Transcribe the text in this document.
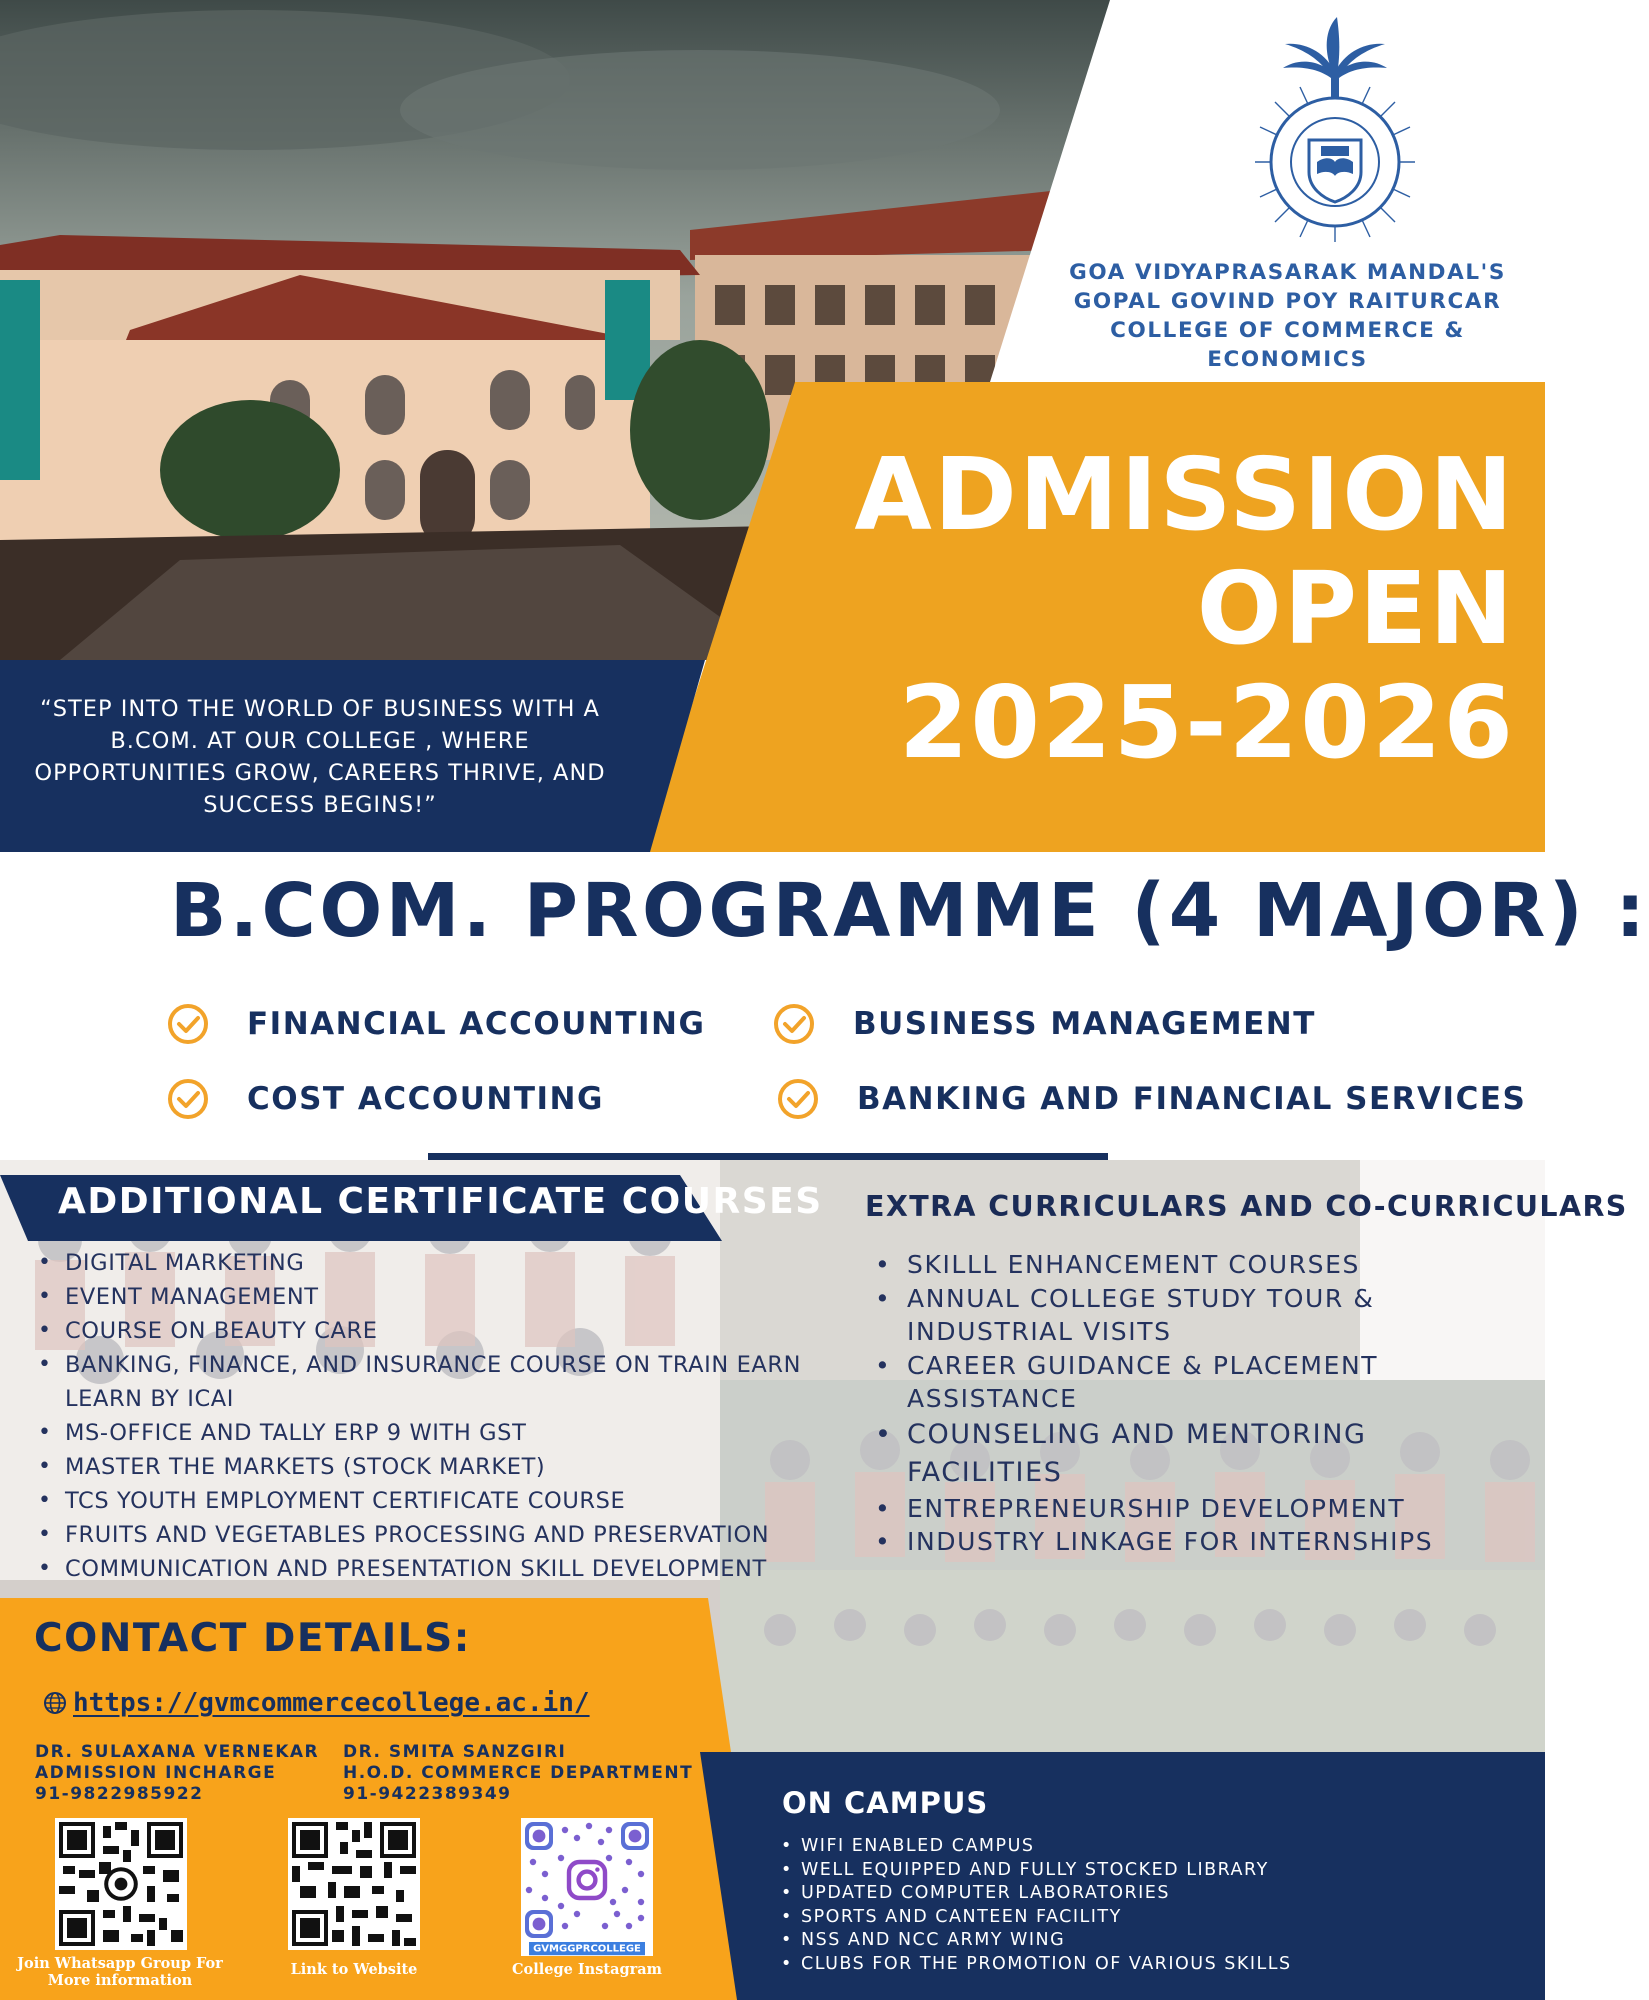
GOA VIDYAPRASARAK MANDAL'S
GOPAL GOVIND POY RAITURCAR
COLLEGE OF COMMERCE &
ECONOMICS
ADMISSION
OPEN
2025-2026
“STEP INTO THE WORLD OF BUSINESS WITH A
B.COM. AT OUR COLLEGE , WHERE
OPPORTUNITIES GROW, CAREERS THRIVE, AND
SUCCESS BEGINS!”
B.COM. PROGRAMME (4 MAJOR) :
FINANCIAL ACCOUNTING	BUSINESS MANAGEMENT
COST ACCOUNTING	BANKING AND FINANCIAL SERVICES
ADDITIONAL CERTIFICATE COURSES
• DIGITAL MARKETING
• EVENT MANAGEMENT
• COURSE ON BEAUTY CARE
• BANKING, FINANCE, AND INSURANCE COURSE ON TRAIN EARN
LEARN BY ICAI
• MS-OFFICE AND TALLY ERP 9 WITH GST
• MASTER THE MARKETS (STOCK MARKET)
• TCS YOUTH EMPLOYMENT CERTIFICATE COURSE
• FRUITS AND VEGETABLES PROCESSING AND PRESERVATION
• COMMUNICATION AND PRESENTATION SKILL DEVELOPMENT
EXTRA CURRICULARS AND CO-CURRICULARS
• SKILLL ENHANCEMENT COURSES
• ANNUAL COLLEGE STUDY TOUR &
INDUSTRIAL VISITS
• CAREER GUIDANCE & PLACEMENT
ASSISTANCE
• COUNSELING AND MENTORING
FACILITIES
• ENTREPRENEURSHIP DEVELOPMENT
• INDUSTRY LINKAGE FOR INTERNSHIPS
CONTACT DETAILS:
https://gvmcommercecollege.ac.in/
DR. SULAXANA VERNEKAR
ADMISSION INCHARGE
91-9822985922
DR. SMITA SANZGIRI
H.O.D. COMMERCE DEPARTMENT
91-9422389349
GVMGGPRCOLLEGE
Join Whatsapp Group For
More information
Link to Website	College Instagram
ON CAMPUS
• WIFI ENABLED CAMPUS
• WELL EQUIPPED AND FULLY STOCKED LIBRARY
• UPDATED COMPUTER LABORATORIES
• SPORTS AND CANTEEN FACILITY
• NSS AND NCC ARMY WING
• CLUBS FOR THE PROMOTION OF VARIOUS SKILLS
